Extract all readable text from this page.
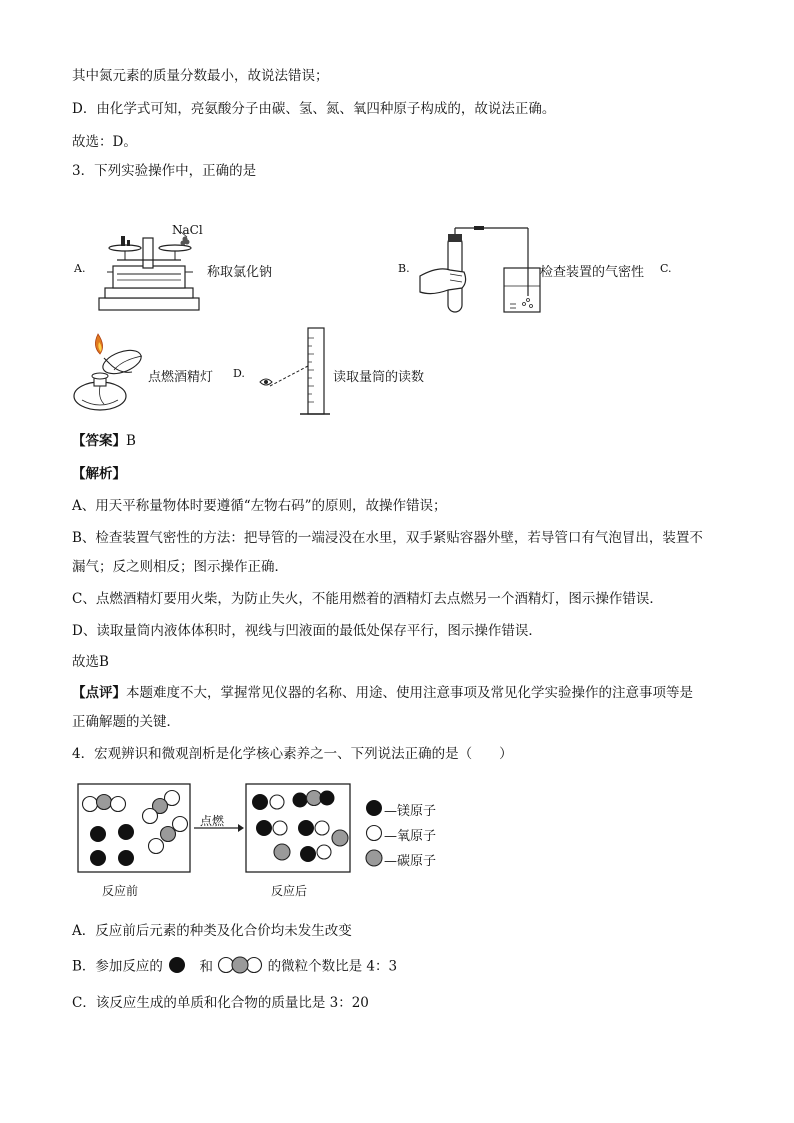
其中氮元素的质量分数最小，故说法错误；
D．由化学式可知，亮氨酸分子由碳、氢、氮、氧四种原子构成的，故说法正确。
故选：D。
3．下列实验操作中，正确的是
A.
NaCl
称取氯化钠	B.	检查装置的气密性 C.
点燃酒精灯 D.	读取量筒的读数
【答案】B
【解析】
A、用天平称量物体时要遵循“左物右码”的原则，故操作错误；
B、检查装置气密性的方法：把导管的一端浸没在水里，双手紧贴容器外壁，若导管口有气泡冒出，装置不
漏气；反之则相反；图示操作正确．
C、点燃酒精灯要用火柴，为防止失火，不能用燃着的酒精灯去点燃另一个酒精灯，图示操作错误．
D、读取量筒内液体体积时，视线与凹液面的最低处保存平行，图示操作错误．
故选B
【点评】本题难度不大，掌握常见仪器的名称、用途、使用注意事项及常见化学实验操作的注意事项等是
正确解题的关键．
4．宏观辨识和微观剖析是化学核心素养之一、下列说法正确的是（　　）
点燃
反应前	反应后
—镁原子
—氧原子
—碳原子
A．反应前后元素的种类及化合价均未发生改变
B．参加反应的	和	的微粒个数比是 4：3
C．该反应生成的单质和化合物的质量比是 3：20
